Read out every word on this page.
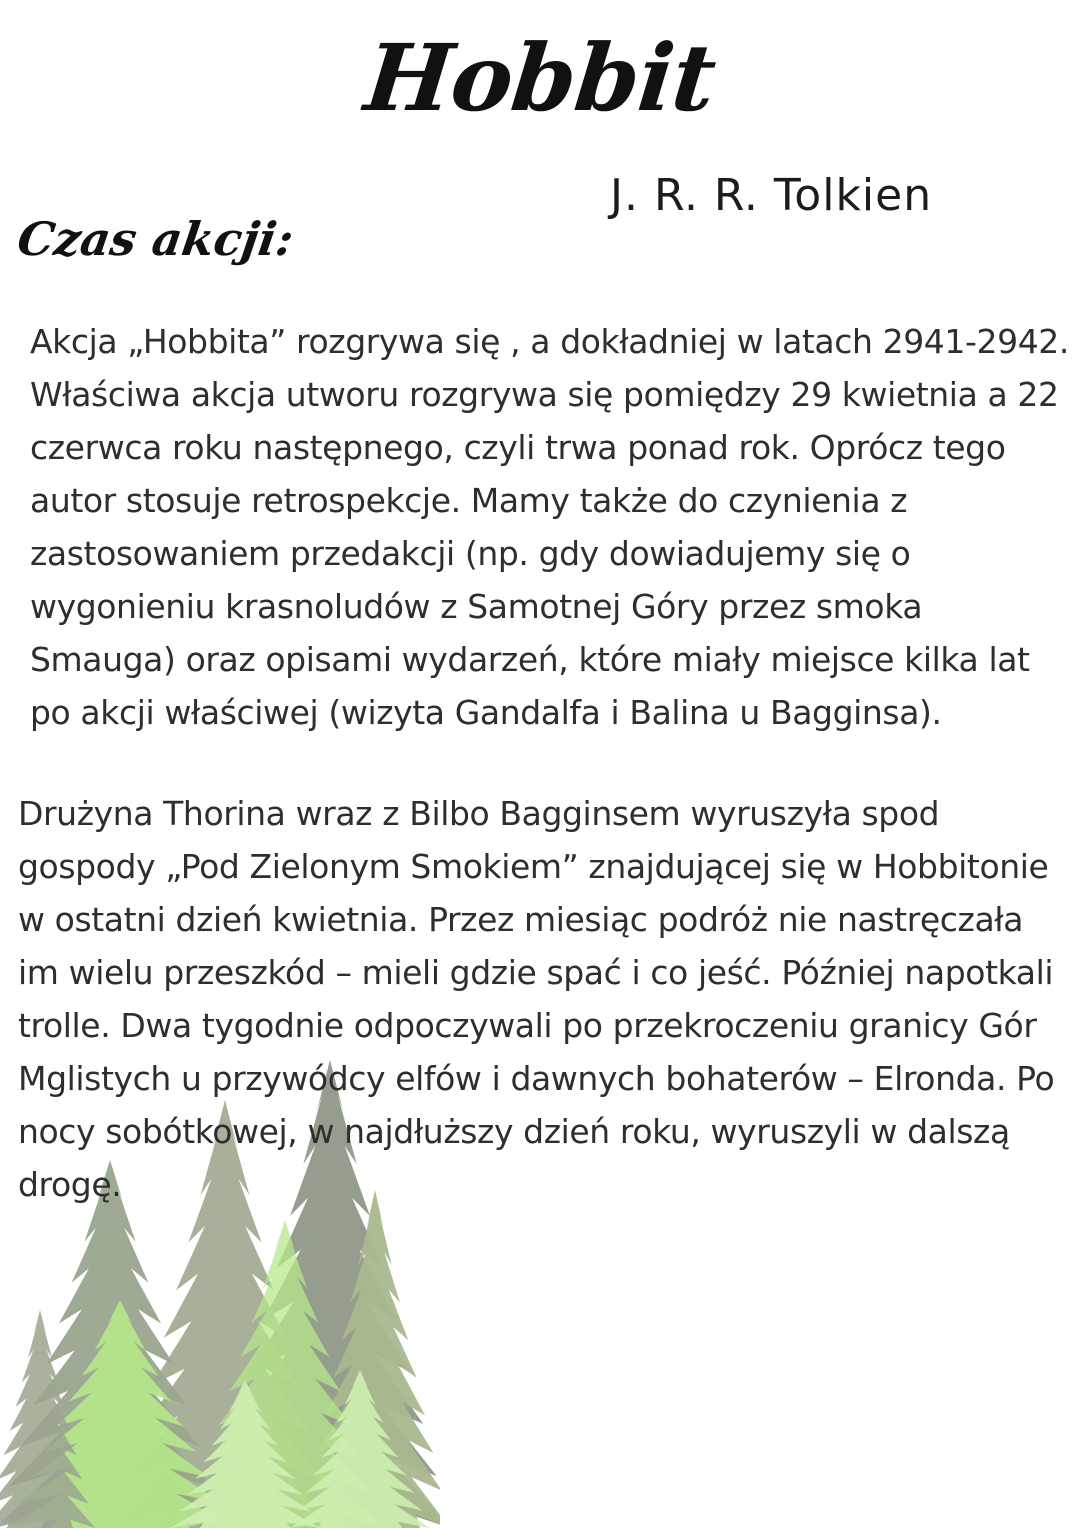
Hobbit
J. R. R. Tolkien
Czas akcji:

Akcja „Hobbita” rozgrywa się , a dokładniej w latach 2941-2942. Właściwa akcja utworu rozgrywa się pomiędzy 29 kwietnia a 22 czerwca roku następnego, czyli trwa ponad rok. Oprócz tego autor stosuje retrospekcje. Mamy także do czynienia z zastosowaniem przedakcji (np. gdy dowiadujemy się o wygonieniu krasnoludów z Samotnej Góry przez smoka Smauga) oraz opisami wydarzeń, które miały miejsce kilka lat po akcji właściwej (wizyta Gandalfa i Balina u Bagginsa).

Drużyna Thorina wraz z Bilbo Bagginsem wyruszyła spod gospody „Pod Zielonym Smokiem” znajdującej się w Hobbitonie w ostatni dzień kwietnia. Przez miesiąc podróż nie nastręczała im wielu przeszkód – mieli gdzie spać i co jeść. Później napotkali trolle. Dwa tygodnie odpoczywali po przekroczeniu granicy Gór Mglistych u przywódcy elfów i dawnych bohaterów – Elronda. Po nocy sobótkowej, w najdłuższy dzień roku, wyruszyli w dalszą drogę.
